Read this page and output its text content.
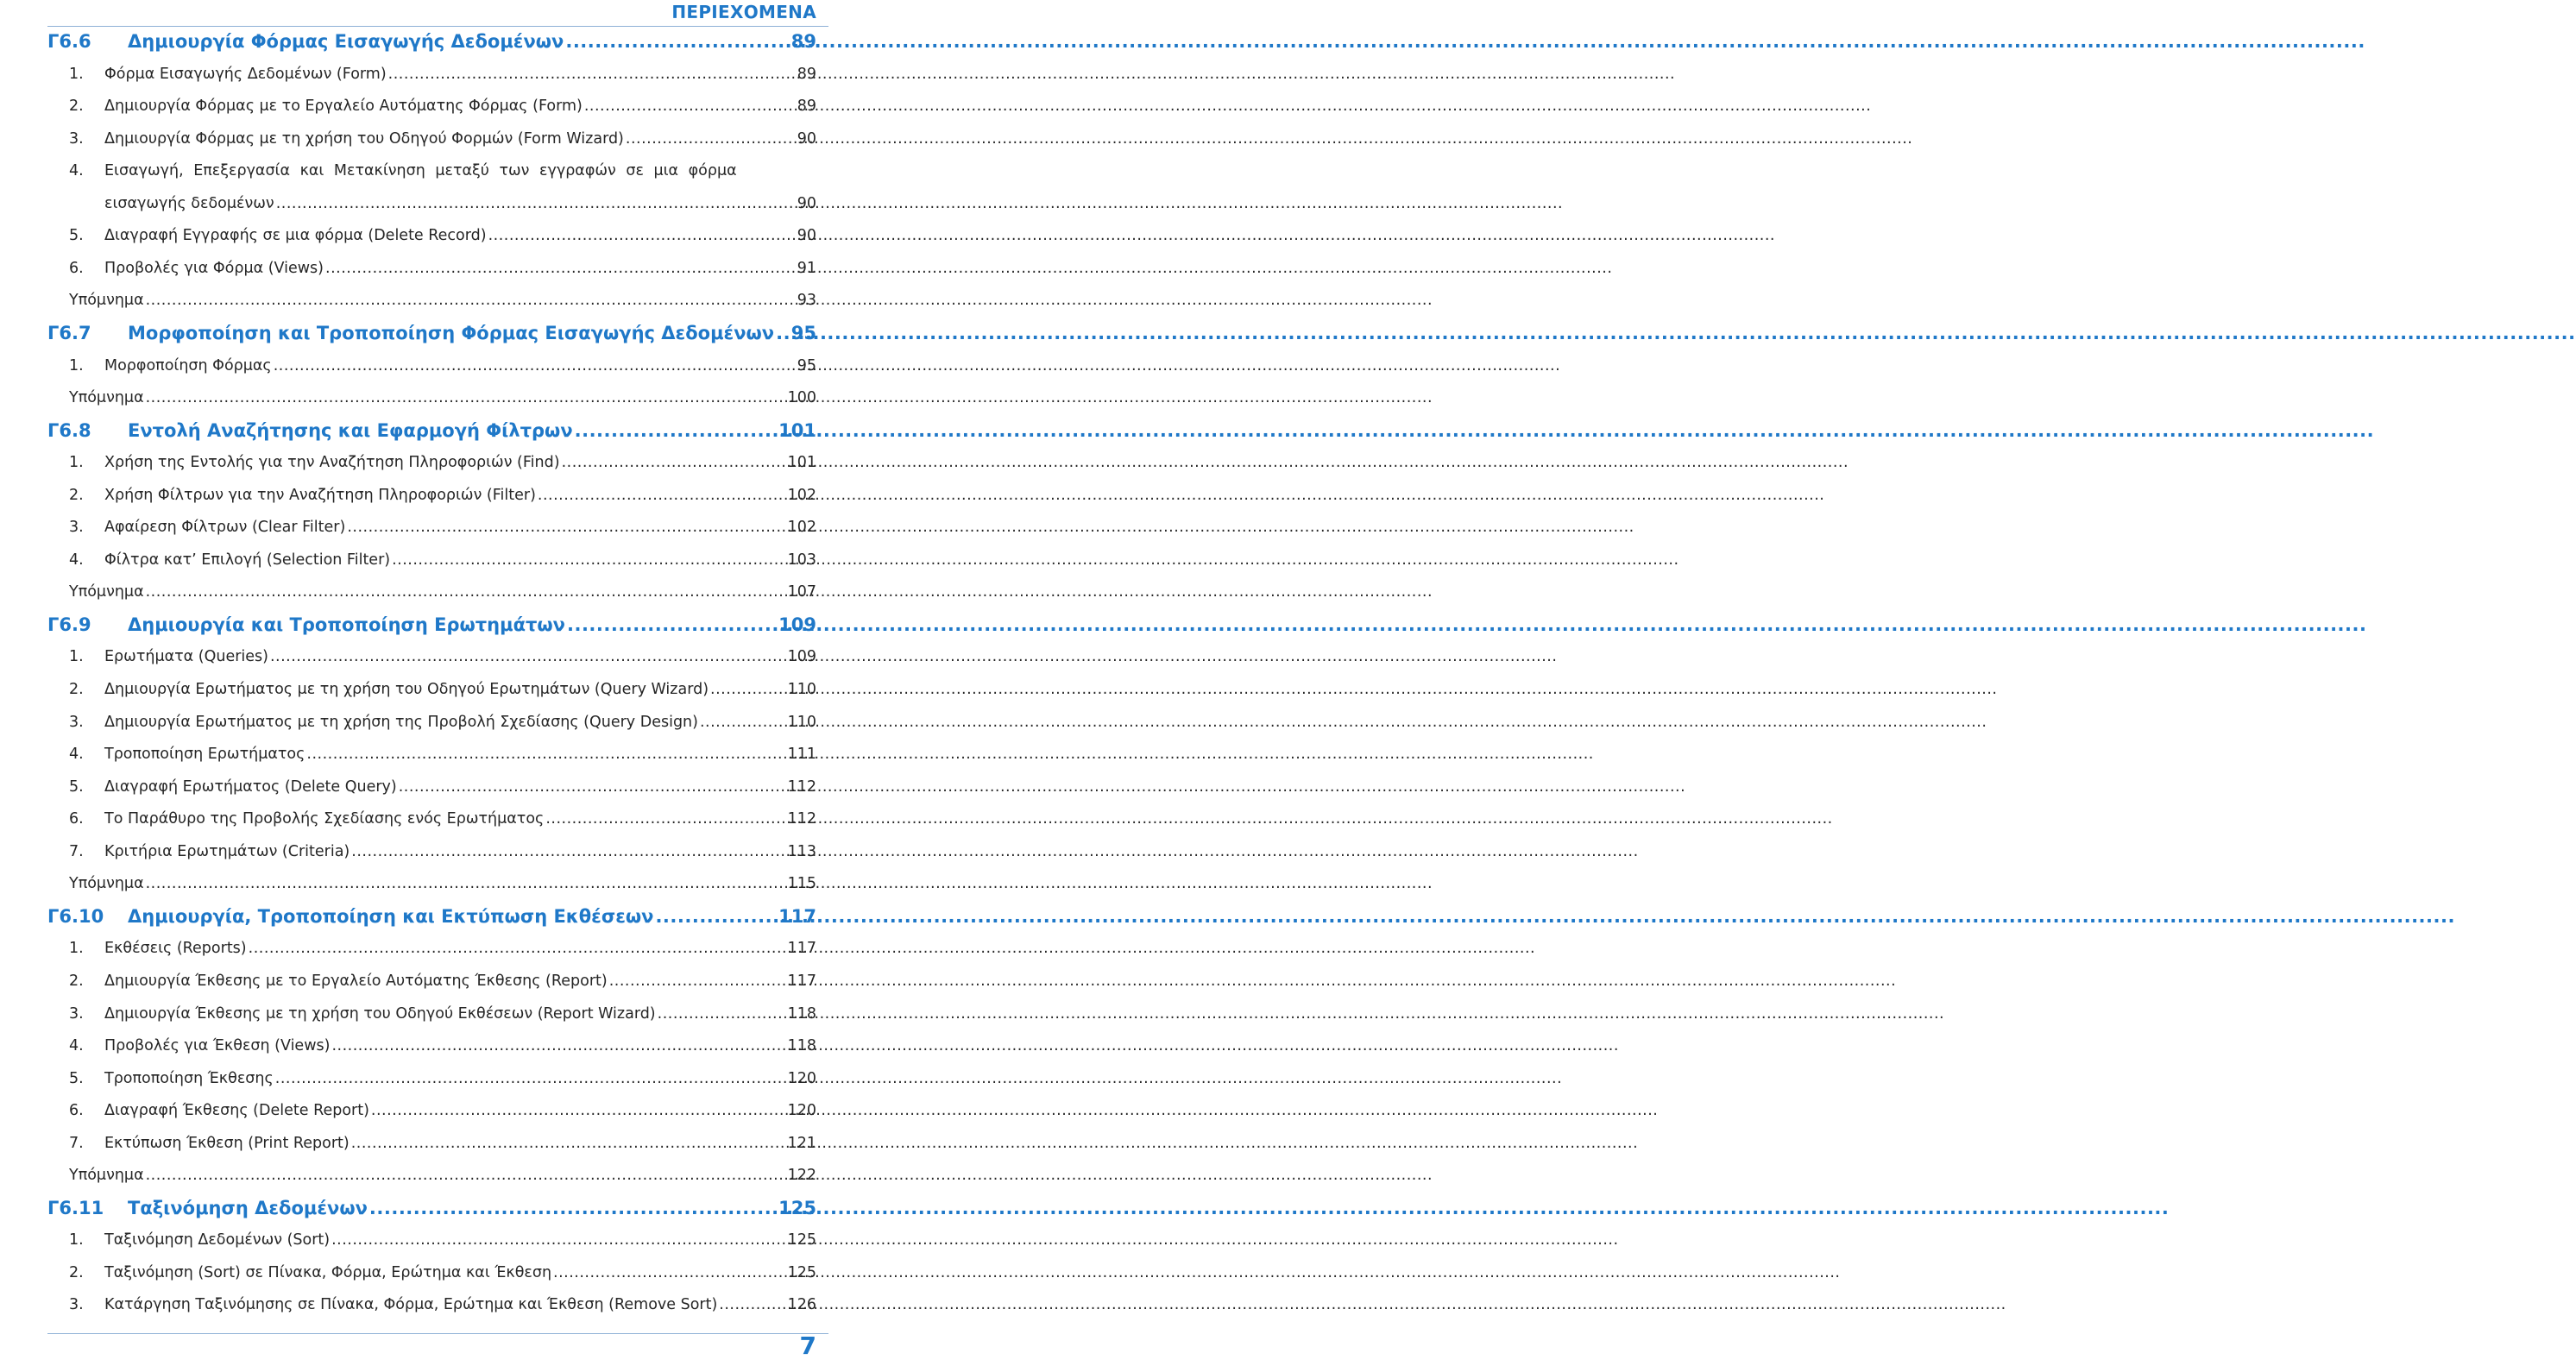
ΠΕΡΙΕΧΟΜΕΝΑ
Γ6.6 Δημιουργία Φόρμας Εισαγωγής Δεδομένων .....	89
1. Φόρμα Εισαγωγής Δεδομένων (Form) .....	89
2. Δημιουργία Φόρμας με το Εργαλείο Αυτόματης Φόρμας (Form) .....	89
3. Δημιουργία Φόρμας με τη χρήση του Οδηγού Φορμών (Form Wizard) .....	90
4. Εισαγωγή, Επεξεργασία και Μετακίνηση μεταξύ των εγγραφών σε μια φόρμα
εισαγωγής δεδομένων .....	90
5. Διαγραφή Εγγραφής σε μια φόρμα (Delete Record) .....	90
6. Προβολές για Φόρμα (Views) .....	91
Υπόμνημα .....	93
Γ6.7 Μορφοποίηση και Τροποποίηση Φόρμας Εισαγωγής Δεδομένων ..... 95
1. Μορφοποίηση Φόρμας .....	95
Υπόμνημα .....	100
Γ6.8 Εντολή Αναζήτησης και Εφαρμογή Φίλτρων .....	101
1. Χρήση της Εντολής για την Αναζήτηση Πληροφοριών (Find) .....	101
2. Χρήση Φίλτρων για την Αναζήτηση Πληροφοριών (Filter) .....	102
3. Αφαίρεση Φίλτρων (Clear Filter) .....	102
4. Φίλτρα κατ’ Επιλογή (Selection Filter) .....	103
Υπόμνημα .....	107
Γ6.9 Δημιουργία και Τροποποίηση Ερωτημάτων .....	109
1. Ερωτήματα (Queries) .....	109
2. Δημιουργία Ερωτήματος με τη χρήση του Οδηγού Ερωτημάτων (Query Wizard) .....	110
3. Δημιουργία Ερωτήματος με τη χρήση της Προβολή Σχεδίασης (Query Design) .....	110
4. Τροποποίηση Ερωτήματος .....	111
5. Διαγραφή Ερωτήματος (Delete Query) .....	112
6. Το Παράθυρο της Προβολής Σχεδίασης ενός Ερωτήματος .....	112
7. Κριτήρια Ερωτημάτων (Criteria) .....	113
Υπόμνημα .....	115
Γ6.10 Δημιουργία, Τροποποίηση και Εκτύπωση Εκθέσεων .....	117
1. Εκθέσεις (Reports) .....	117
2. Δημιουργία Έκθεσης με το Εργαλείο Αυτόματης Έκθεσης (Report) .....	117
3. Δημιουργία Έκθεσης με τη χρήση του Οδηγού Εκθέσεων (Report Wizard) .....	118
4. Προβολές για Έκθεση (Views) .....	118
5. Τροποποίηση Έκθεσης .....	120
6. Διαγραφή Έκθεσης (Delete Report) .....	120
7. Εκτύπωση Έκθεση (Print Report) .....	121
Υπόμνημα .....	122
Γ6.11 Ταξινόμηση Δεδομένων .....	125
1. Ταξινόμηση Δεδομένων (Sort) .....	125
2. Ταξινόμηση (Sort) σε Πίνακα, Φόρμα, Ερώτημα και Έκθεση .....	125
3. Κατάργηση Ταξινόμησης σε Πίνακα, Φόρμα, Ερώτημα και Έκθεση (Remove Sort) .....	126
7
